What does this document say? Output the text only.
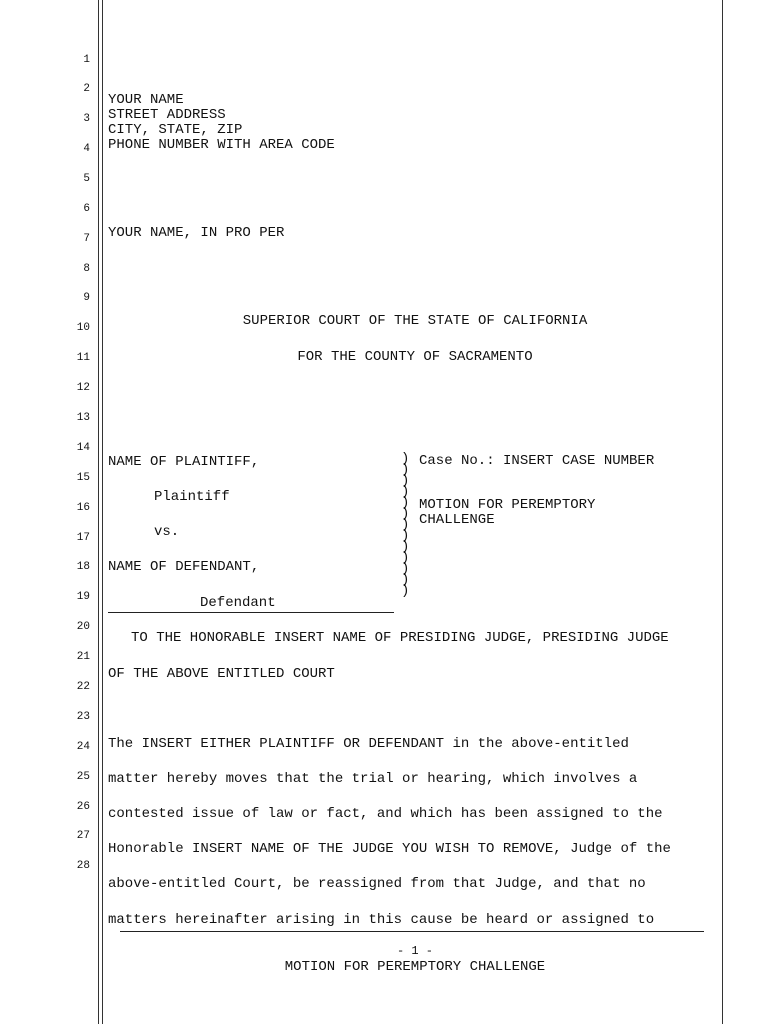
1
2
3
4
5
6
7
8
9
10
11
12
13
14
15
16
17
18
19
20
21
22
23
24
25
26
27
28
YOUR NAME
STREET ADDRESS
CITY, STATE, ZIP
PHONE NUMBER WITH AREA CODE
YOUR NAME, IN PRO PER
SUPERIOR COURT OF THE STATE OF CALIFORNIA
FOR THE COUNTY OF SACRAMENTO
NAME OF PLAINTIFF,
Plaintiff
vs.
NAME OF DEFENDANT,
Defendant
)
)
)
)
)
)
)
)
)
)
)
)
)
Case No.: INSERT CASE NUMBER
MOTION FOR PEREMPTORY
CHALLENGE
TO THE HONORABLE INSERT NAME OF PRESIDING JUDGE, PRESIDING JUDGE
OF THE ABOVE ENTITLED COURT
The INSERT EITHER PLAINTIFF OR DEFENDANT in the above-entitled
matter hereby moves that the trial or hearing, which involves a
contested issue of law or fact, and which has been assigned to the
Honorable INSERT NAME OF THE JUDGE YOU WISH TO REMOVE, Judge of the
above-entitled Court, be reassigned from that Judge, and that no
matters hereinafter arising in this cause be heard or assigned to
- 1 -
MOTION FOR PEREMPTORY CHALLENGE
